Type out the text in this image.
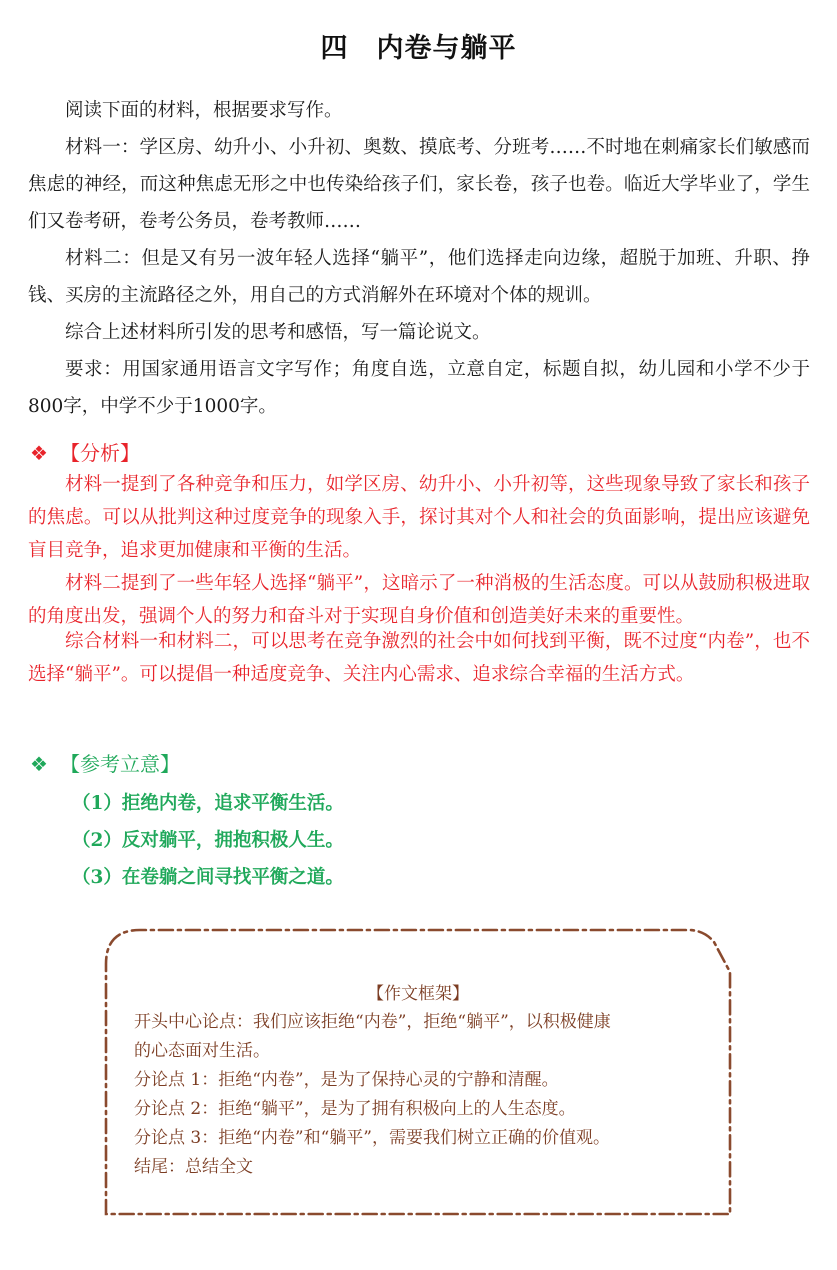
四　内卷与躺平

阅读下面的材料，根据要求写作。

材料一：学区房、幼升小、小升初、奥数、摸底考、分班考……不时地在刺痛家长们敏感而焦虑的神经，而这种焦虑无形之中也传染给孩子们，家长卷，孩子也卷。临近大学毕业了，学生们又卷考研，卷考公务员，卷考教师……

材料二：但是又有另一波年轻人选择“躺平”，他们选择走向边缘，超脱于加班、升职、挣钱、买房的主流路径之外，用自己的方式消解外在环境对个体的规训。

综合上述材料所引发的思考和感悟，写一篇论说文。

要求：用国家通用语言文字写作；角度自选，立意自定，标题自拟，幼儿园和小学不少于800字，中学不少于1000字。

❖ 【分析】

材料一提到了各种竞争和压力，如学区房、幼升小、小升初等，这些现象导致了家长和孩子的焦虑。可以从批判这种过度竞争的现象入手，探讨其对个人和社会的负面影响，提出应该避免盲目竞争，追求更加健康和平衡的生活。

材料二提到了一些年轻人选择“躺平”，这暗示了一种消极的生活态度。可以从鼓励积极进取的角度出发，强调个人的努力和奋斗对于实现自身价值和创造美好未来的重要性。

综合材料一和材料二，可以思考在竞争激烈的社会中如何找到平衡，既不过度“内卷”，也不选择“躺平”。可以提倡一种适度竞争、关注内心需求、追求综合幸福的生活方式。

❖ 【参考立意】
（1）拒绝内卷，追求平衡生活。
（2）反对躺平，拥抱积极人生。
（3）在卷躺之间寻找平衡之道。
【作文框架】
开头中心论点：我们应该拒绝“内卷”，拒绝“躺平”，以积极健康
的心态面对生活。
分论点 1：拒绝“内卷”，是为了保持心灵的宁静和清醒。
分论点 2：拒绝“躺平”，是为了拥有积极向上的人生态度。
分论点 3：拒绝“内卷”和“躺平”，需要我们树立正确的价值观。
结尾：总结全文
